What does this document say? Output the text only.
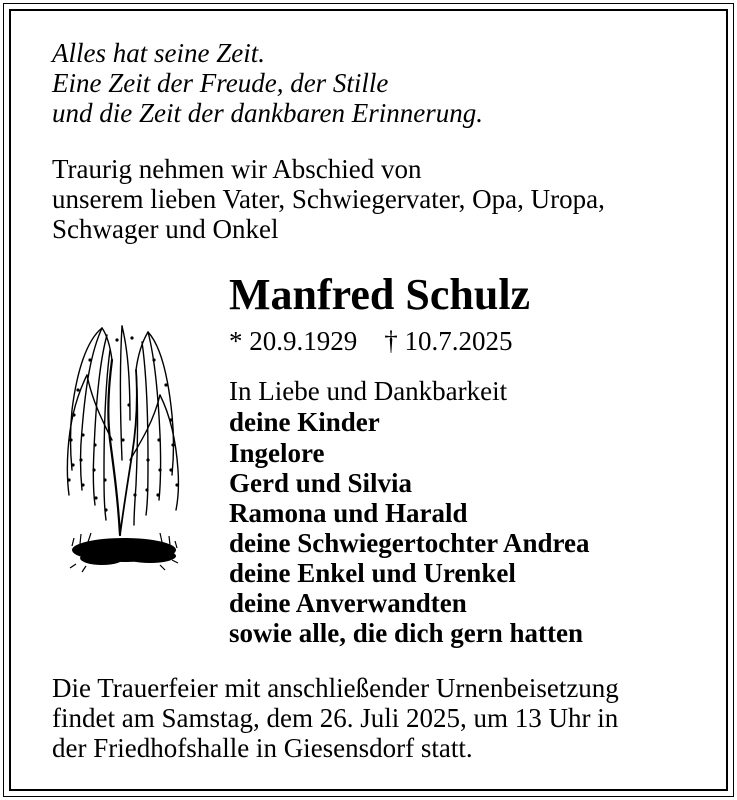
Alles hat seine Zeit.
Eine Zeit der Freude, der Stille
und die Zeit der dankbaren Erinnerung.
Traurig nehmen wir Abschied von
unserem lieben Vater, Schwiegervater, Opa, Uropa,
Schwager und Onkel
Manfred Schulz
* 20.9.1929    † 10.7.2025
In Liebe und Dankbarkeit
deine Kinder
Ingelore
Gerd und Silvia
Ramona und Harald
deine Schwiegertochter Andrea
deine Enkel und Urenkel
deine Anverwandten
sowie alle, die dich gern hatten
Die Trauerfeier mit anschließender Urnenbeisetzung
findet am Samstag, dem 26. Juli 2025, um 13 Uhr in
der Friedhofshalle in Giesensdorf statt.
